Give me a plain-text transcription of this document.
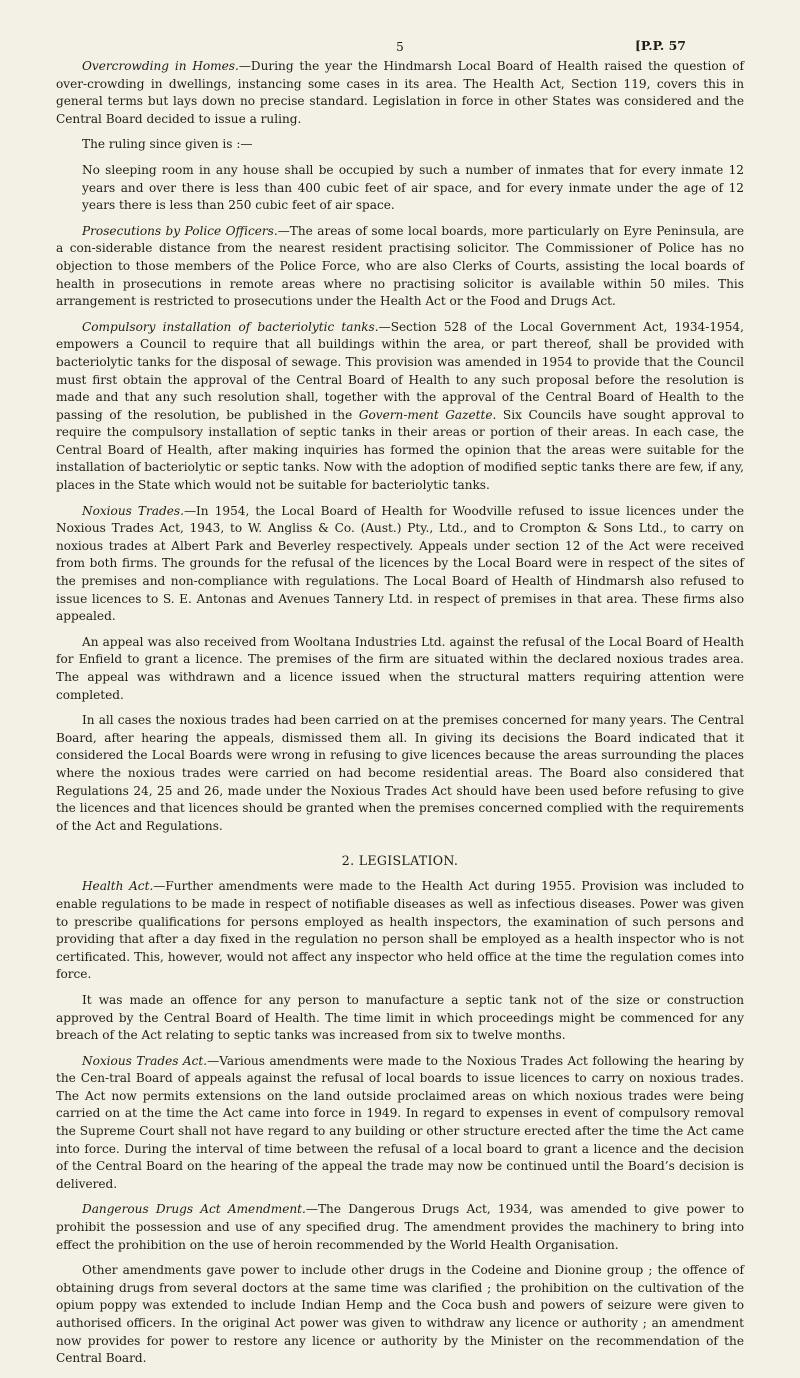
5	[P.P. 57

Overcrowding in Homes.—During the year the Hindmarsh Local Board of Health raised the question of over-crowding in dwellings, instancing some cases in its area. The Health Act, Section 119, covers this in general terms but lays down no precise standard. Legislation in force in other States was considered and the Central Board decided to issue a ruling.

The ruling since given is :—

No sleeping room in any house shall be occupied by such a number of inmates that for every inmate 12 years and over there is less than 400 cubic feet of air space, and for every inmate under the age of 12 years there is less than 250 cubic feet of air space.

Prosecutions by Police Officers.—The areas of some local boards, more particularly on Eyre Peninsula, are a con-siderable distance from the nearest resident practising solicitor. The Commissioner of Police has no objection to those members of the Police Force, who are also Clerks of Courts, assisting the local boards of health in prosecutions in remote areas where no practising solicitor is available within 50 miles. This arrangement is restricted to prosecutions under the Health Act or the Food and Drugs Act.

Compulsory installation of bacteriolytic tanks.—Section 528 of the Local Government Act, 1934-1954, empowers a Council to require that all buildings within the area, or part thereof, shall be provided with bacteriolytic tanks for the disposal of sewage. This provision was amended in 1954 to provide that the Council must first obtain the approval of the Central Board of Health to any such proposal before the resolution is made and that any such resolution shall, together with the approval of the Central Board of Health to the passing of the resolution, be published in the Govern-ment Gazette. Six Councils have sought approval to require the compulsory installation of septic tanks in their areas or portion of their areas. In each case, the Central Board of Health, after making inquiries has formed the opinion that the areas were suitable for the installation of bacteriolytic or septic tanks. Now with the adoption of modified septic tanks there are few, if any, places in the State which would not be suitable for bacteriolytic tanks.

Noxious Trades.—In 1954, the Local Board of Health for Woodville refused to issue licences under the Noxious Trades Act, 1943, to W. Angliss & Co. (Aust.) Pty., Ltd., and to Crompton & Sons Ltd., to carry on noxious trades at Albert Park and Beverley respectively. Appeals under section 12 of the Act were received from both firms. The grounds for the refusal of the licences by the Local Board were in respect of the sites of the premises and non-compliance with regulations. The Local Board of Health of Hindmarsh also refused to issue licences to S. E. Antonas and Avenues Tannery Ltd. in respect of premises in that area. These firms also appealed.

An appeal was also received from Wooltana Industries Ltd. against the refusal of the Local Board of Health for Enfield to grant a licence. The premises of the firm are situated within the declared noxious trades area. The appeal was withdrawn and a licence issued when the structural matters requiring attention were completed.

In all cases the noxious trades had been carried on at the premises concerned for many years. The Central Board, after hearing the appeals, dismissed them all. In giving its decisions the Board indicated that it considered the Local Boards were wrong in refusing to give licences because the areas surrounding the places where the noxious trades were carried on had become residential areas. The Board also considered that Regulations 24, 25 and 26, made under the Noxious Trades Act should have been used before refusing to give the licences and that licences should be granted when the premises concerned complied with the requirements of the Act and Regulations.

2. LEGISLATION.

Health Act.—Further amendments were made to the Health Act during 1955. Provision was included to enable regulations to be made in respect of notifiable diseases as well as infectious diseases. Power was given to prescribe qualifications for persons employed as health inspectors, the examination of such persons and providing that after a day fixed in the regulation no person shall be employed as a health inspector who is not certificated. This, however, would not affect any inspector who held office at the time the regulation comes into force.

It was made an offence for any person to manufacture a septic tank not of the size or construction approved by the Central Board of Health. The time limit in which proceedings might be commenced for any breach of the Act relating to septic tanks was increased from six to twelve months.

Noxious Trades Act.—Various amendments were made to the Noxious Trades Act following the hearing by the Cen-tral Board of appeals against the refusal of local boards to issue licences to carry on noxious trades. The Act now permits extensions on the land outside proclaimed areas on which noxious trades were being carried on at the time the Act came into force in 1949. In regard to expenses in event of compulsory removal the Supreme Court shall not have regard to any building or other structure erected after the time the Act came into force. During the interval of time between the refusal of a local board to grant a licence and the decision of the Central Board on the hearing of the appeal the trade may now be continued until the Board’s decision is delivered.

Dangerous Drugs Act Amendment.—The Dangerous Drugs Act, 1934, was amended to give power to prohibit the possession and use of any specified drug. The amendment provides the machinery to bring into effect the prohibition on the use of heroin recommended by the World Health Organisation.

Other amendments gave power to include other drugs in the Codeine and Dionine group ; the offence of obtaining drugs from several doctors at the same time was clarified ; the prohibition on the cultivation of the opium poppy was extended to include Indian Hemp and the Coca bush and powers of seizure were given to authorised officers. In the original Act power was given to withdraw any licence or authority ; an amendment now provides for power to restore any licence or authority by the Minister on the recommendation of the Central Board.
